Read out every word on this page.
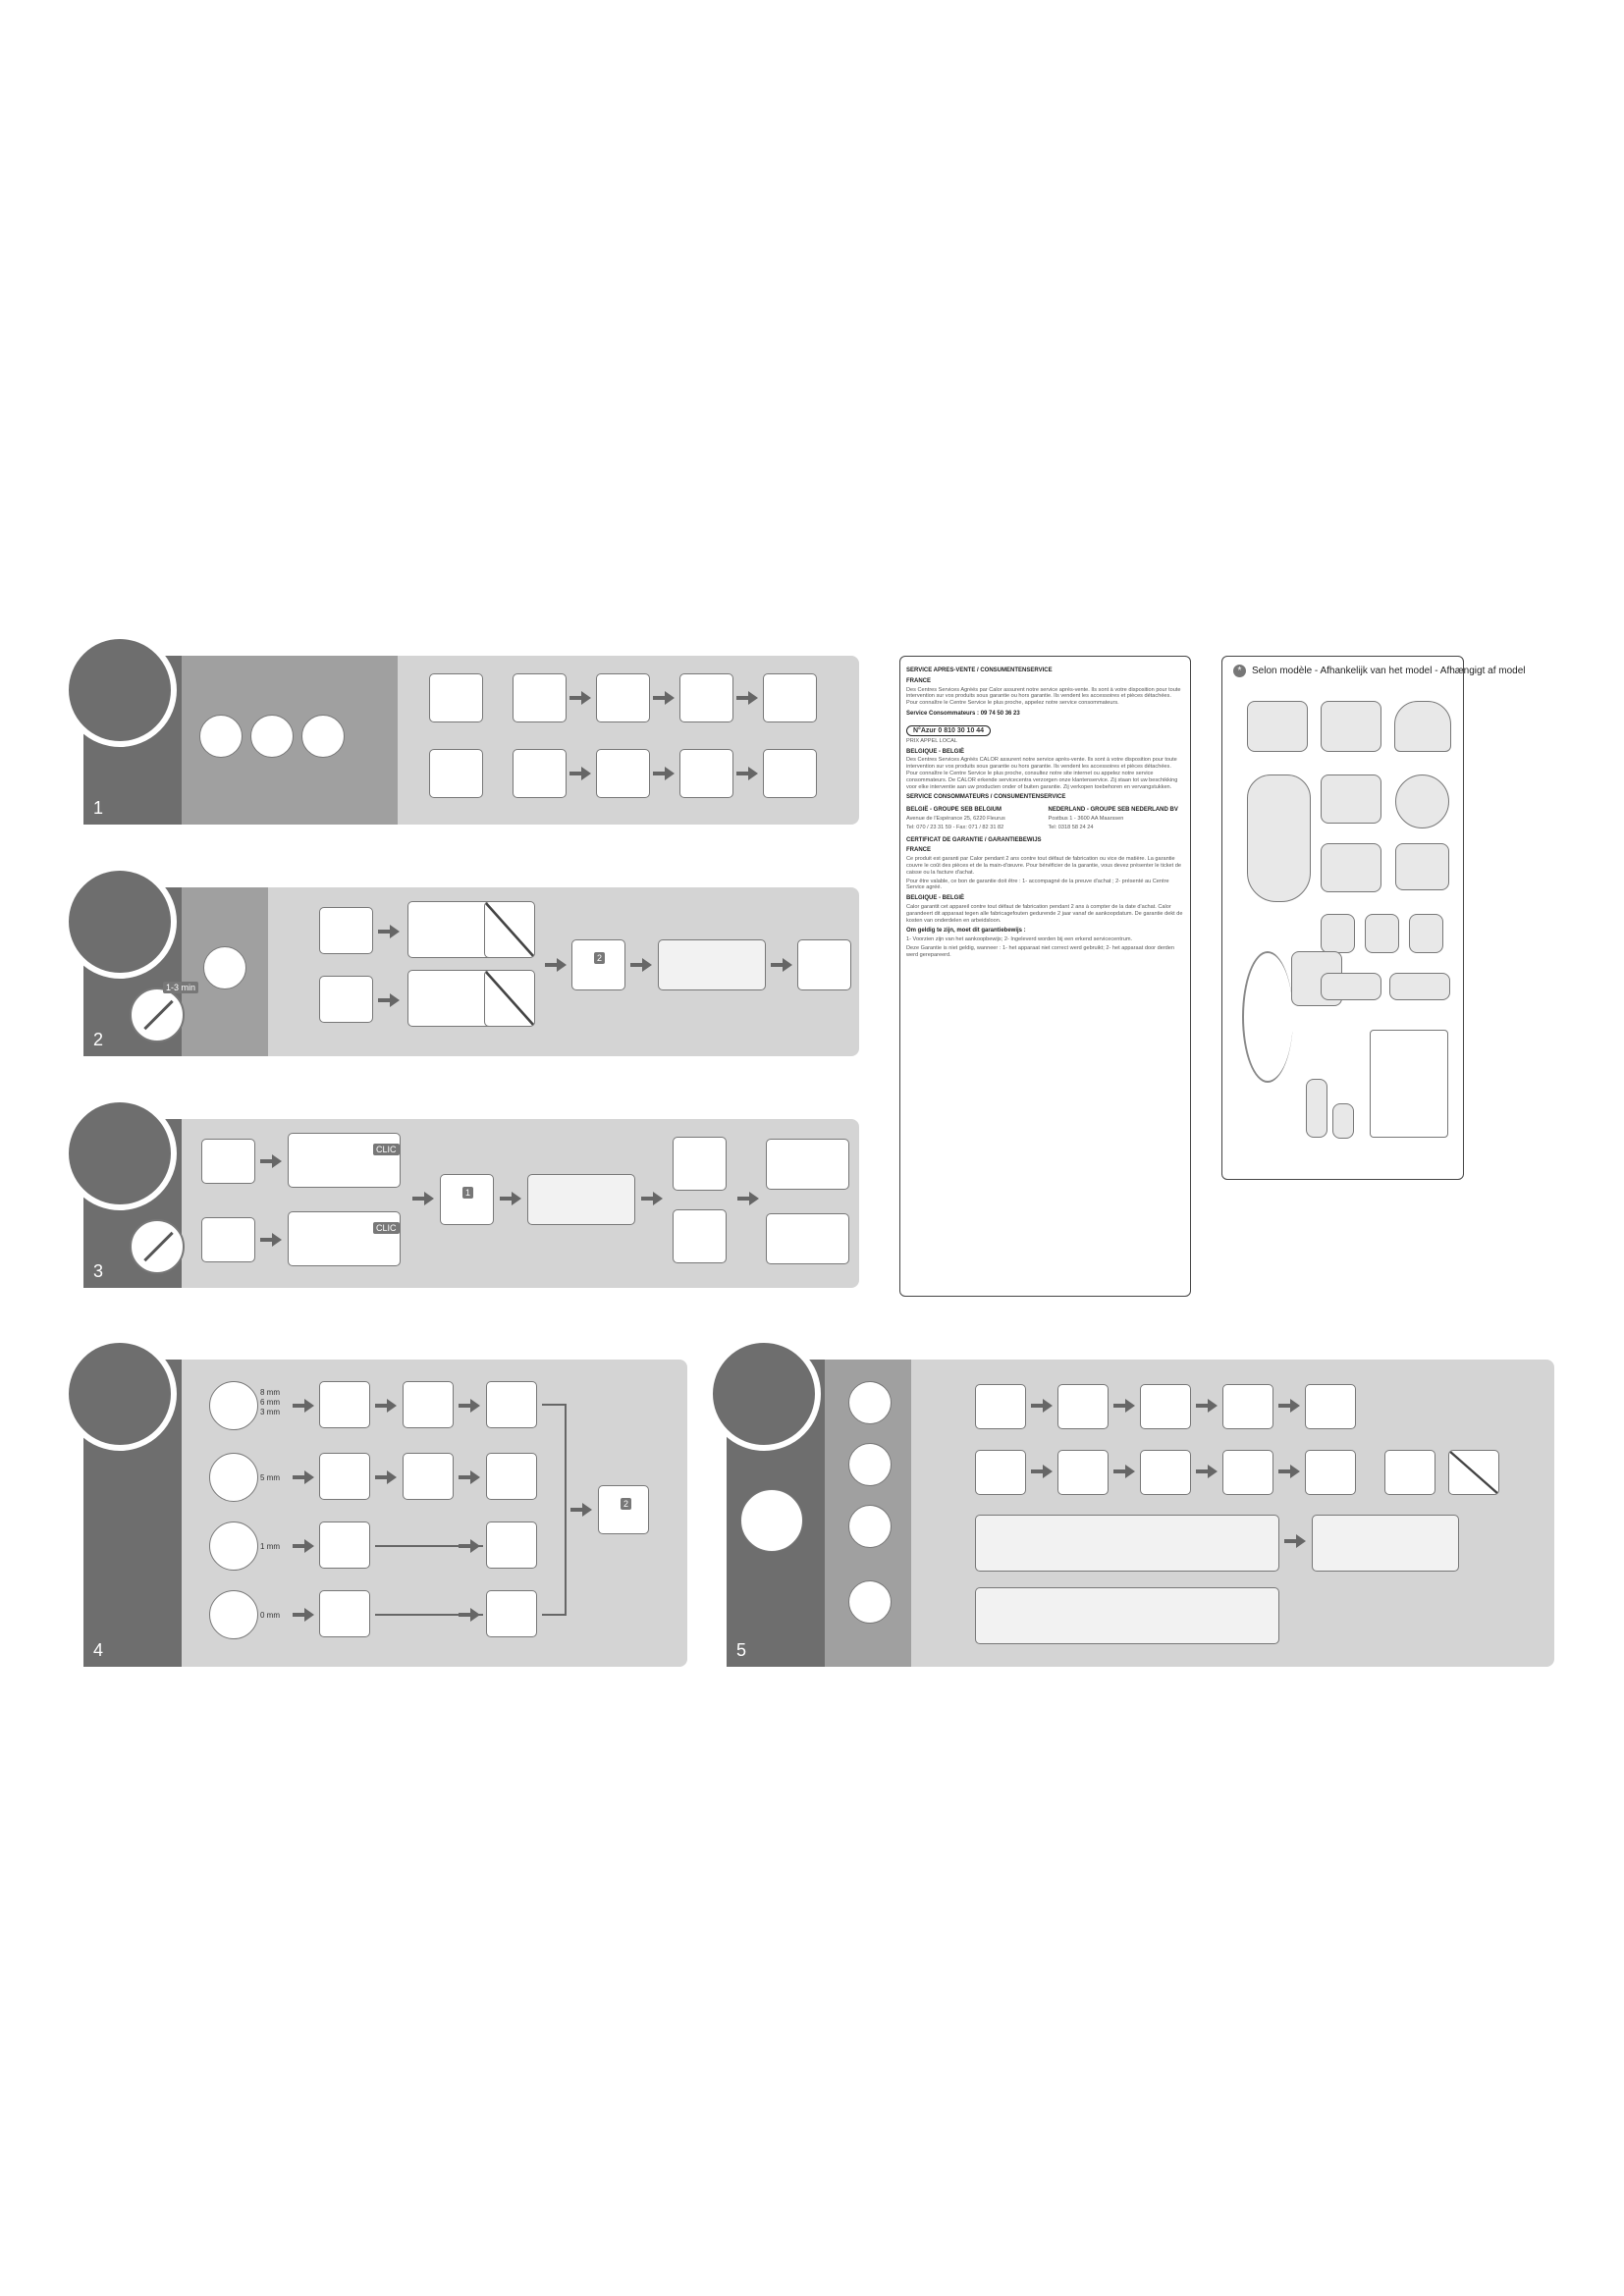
1
2
2
1-3 min
3
CLIC
CLIC
1
4
8 mm
6 mm
3 mm
5 mm
1 mm
0 mm
2
5

SERVICE APRES-VENTE / CONSUMENTENSERVICE

FRANCE

Des Centres Services Agréés par Calor assurent notre service après-vente. Ils sont à votre disposition pour toute intervention sur vos produits sous garantie ou hors garantie. Ils vendent les accessoires et pièces détachées. Pour connaître le Centre Service le plus proche, appelez notre service consommateurs.

Service Consommateurs : 09 74 50 36 23

N°Azur 0 810 30 10 44

PRIX APPEL LOCAL

BELGIQUE - BELGIË

Des Centres Services Agréés CALOR assurent notre service après-vente. Ils sont à votre disposition pour toute intervention sur vos produits sous garantie ou hors garantie. Ils vendent les accessoires et pièces détachées. Pour connaître le Centre Service le plus proche, consultez notre site internet ou appelez notre service consommateurs. De CALOR erkende servicecentra verzorgen onze klantenservice. Zij staan tot uw beschikking voor elke interventie aan uw producten onder of buiten garantie. Zij verkopen toebehoren en vervangstukken.

SERVICE CONSOMMATEURS / CONSUMENTENSERVICE

BELGIË - GROUPE SEB BELGIUM

Avenue de l'Espérance 25, 6220 Fleurus

Tel: 070 / 23 31 59 - Fax: 071 / 82 31 82

NEDERLAND - GROUPE SEB NEDERLAND BV

Postbus 1 - 3600 AA Maarssen

Tel: 0318 58 24 24

CERTIFICAT DE GARANTIE / GARANTIEBEWIJS

FRANCE

Ce produit est garanti par Calor pendant 2 ans contre tout défaut de fabrication ou vice de matière. La garantie couvre le coût des pièces et de la main-d'œuvre. Pour bénéficier de la garantie, vous devez présenter le ticket de caisse ou la facture d'achat.

Pour être valable, ce bon de garantie doit être : 1- accompagné de la preuve d'achat ; 2- présenté au Centre Service agréé.

BELGIQUE - BELGIË

Calor garantit cet appareil contre tout défaut de fabrication pendant 2 ans à compter de la date d'achat. Calor garandeert dit apparaat tegen alle fabricagefouten gedurende 2 jaar vanaf de aankoopdatum. De garantie dekt de kosten van onderdelen en arbeidsloon.

Om geldig te zijn, moet dit garantiebewijs :

1- Voorzien zijn van het aankoopbewijs; 2- Ingeleverd worden bij een erkend servicecentrum.

Deze Garantie is niet geldig, wanneer : 1- het apparaat niet correct werd gebruikt; 2- het apparaat door derden werd gerepareerd.

*	Selon modèle - Afhankelijk van het model - Afhængigt af model
